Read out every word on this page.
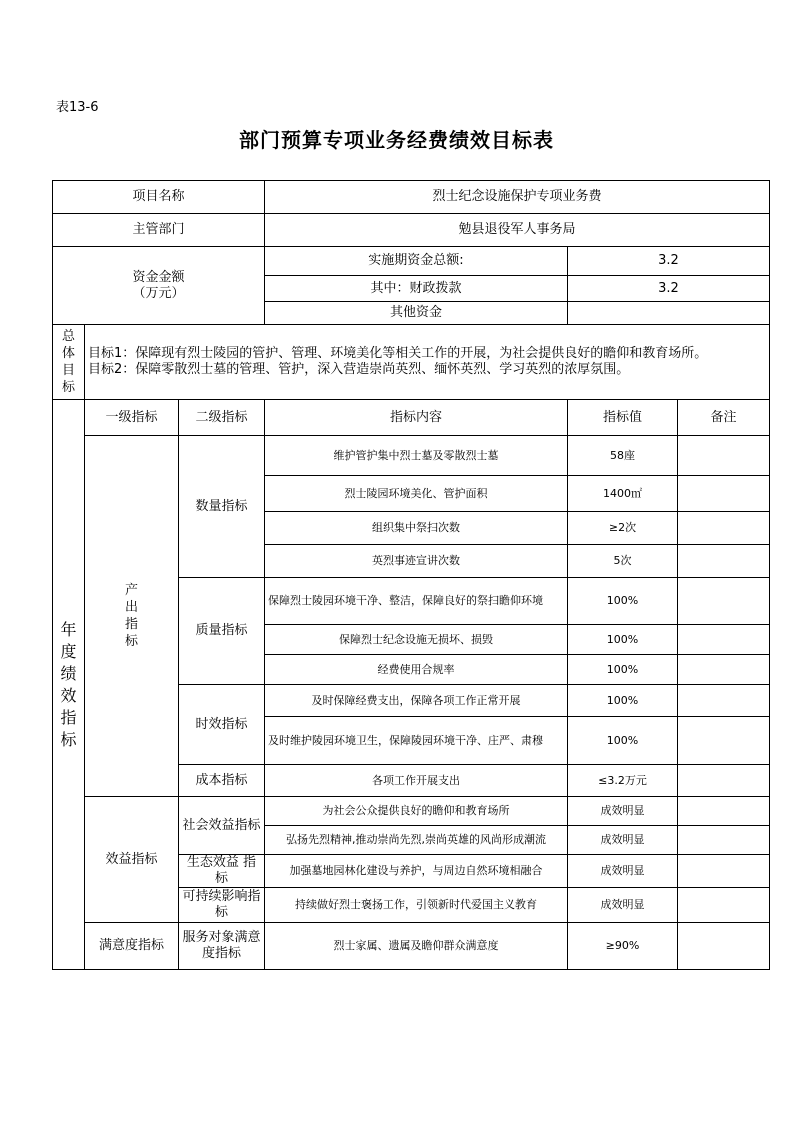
表13-6
部门预算专项业务经费绩效目标表
项目名称			烈士纪念设施保护专项业务费		
主管部门			勉县退役军人事务局		

资金金额
（万元）			实施期资金总额:	3.2	
			其中：财政拨款	3.2	
			其他资金		
总体目标	目标1：保障现有烈士陵园的管护、管理、环境美化等相关工作的开展，为社会提供良好的瞻仰和教育场所。
目标2：保障零散烈士墓的管理、管护，深入营造崇尚英烈、缅怀英烈、学习英烈的浓厚氛围。				

年度绩效指标	一级指标	二级指标	指标内容	指标值	备注
	产出指标	数量指标	维护管护集中烈士墓及零散烈士墓	58座	
			烈士陵园环境美化、管护面积	1400㎡	
			组织集中祭扫次数	≥2次	
			英烈事迹宣讲次数	5次	
		质量指标	保障烈士陵园环境干净、整洁，保障良好的祭扫瞻仰环境	100%	
			保障烈士纪念设施无损坏、损毁	100%	
			经费使用合规率	100%	
		时效指标	及时保障经费支出，保障各项工作正常开展	100%	
			及时维护陵园环境卫生，保障陵园环境干净、庄严、肃穆	100%	
		成本指标	各项工作开展支出	≤3.2万元	
	效益指标	社会效益指标	为社会公众提供良好的瞻仰和教育场所	成效明显	
			弘扬先烈精神,推动崇尚先烈,崇尚英雄的风尚形成潮流	成效明显	
		生态效益 指标	加强墓地园林化建设与养护，与周边自然环境相融合	成效明显	
		可持续影响指标	持续做好烈士褒扬工作，引领新时代爱国主义教育	成效明显	
	满意度指标	服务对象满意度指标	烈士家属、遗属及瞻仰群众满意度	≥90%	
